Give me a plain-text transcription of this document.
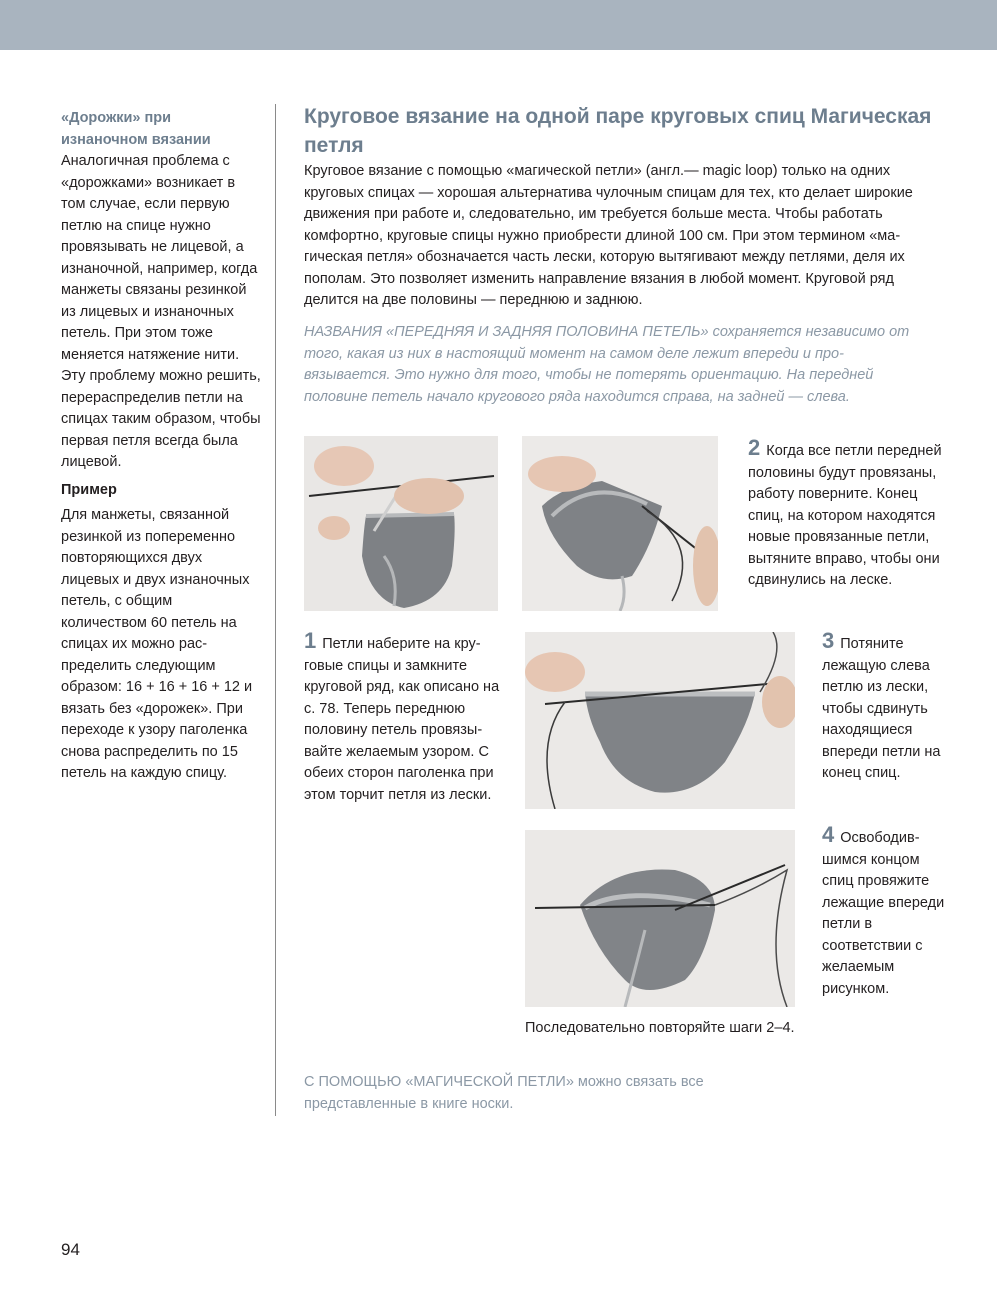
«Дорожки» при изнаночном вязании

Аналогичная проблема с «дорожками» возникает в том случае, если первую петлю на спице нужно провязывать не лицевой, а изнаночной, например, когда манжеты связаны резинкой из лицевых и изнаночных петель. При этом тоже меняется натяжение нити. Эту проблему можно решить, перераспределив петли на спицах таким образом, чтобы первая петля всегда была лицевой.

Пример

Для манжеты, связанной резинкой из попеременно повторяющихся двух лицевых и двух изнаночных петель, с общим количеством 60 петель на спицах их можно распределить следующим образом: 16 + 16 + 16 + 12 и вязать без «дорожек». При переходе к узору паголенка снова распределить по 15 петель на каждую спицу.

Круговое вязание на одной паре круговых спиц Магическая петля

Круговое вязание с помощью «магической петли» (англ.— magic loop) только на одних круговых спицах — хорошая альтернатива чулочным спицам для тех, кто делает широкие движения при работе и, следовательно, им требуется больше места. Чтобы работать комфортно, круговые спицы нужно приобрести длиной 100 см. При этом термином «магическая петля» обозначается часть лески, которую вытягивают между петлями, деля их пополам. Это позволяет изменить направление вязания в любой момент. Круговой ряд делится на две половины — переднюю и заднюю.

НАЗВАНИЯ «ПЕРЕДНЯЯ И ЗАДНЯЯ ПОЛОВИНА ПЕТЕЛЬ» сохраняется независимо от того, какая из них в настоящий момент на самом деле лежит впереди и провязывается. Это нужно для того, чтобы не потерять ориентацию. На передней половине петель начало кругового ряда находится справа, на задней — слева.

2 Когда все петли передней половины будут провязаны, работу поверните. Конец спиц, на котором находятся новые провязанные петли, вытяните вправо, чтобы они сдвинулись на леске.

1 Петли наберите на круговые спицы и замкните круговой ряд, как описано на с. 78. Теперь переднюю половину петель провязывайте желаемым узором. С обеих сторон паголенка при этом торчит петля из лески.

3 Потяните лежащую слева петлю из лески, чтобы сдвинуть находящиеся впереди петли на конец спиц.

4 Освободившимся концом спиц провяжите лежащие впереди петли в соответствии с желаемым рисунком.

Последовательно повторяйте шаги 2–4.

С ПОМОЩЬЮ «МАГИЧЕСКОЙ ПЕТЛИ» можно связать все представленные в книге носки.

94
